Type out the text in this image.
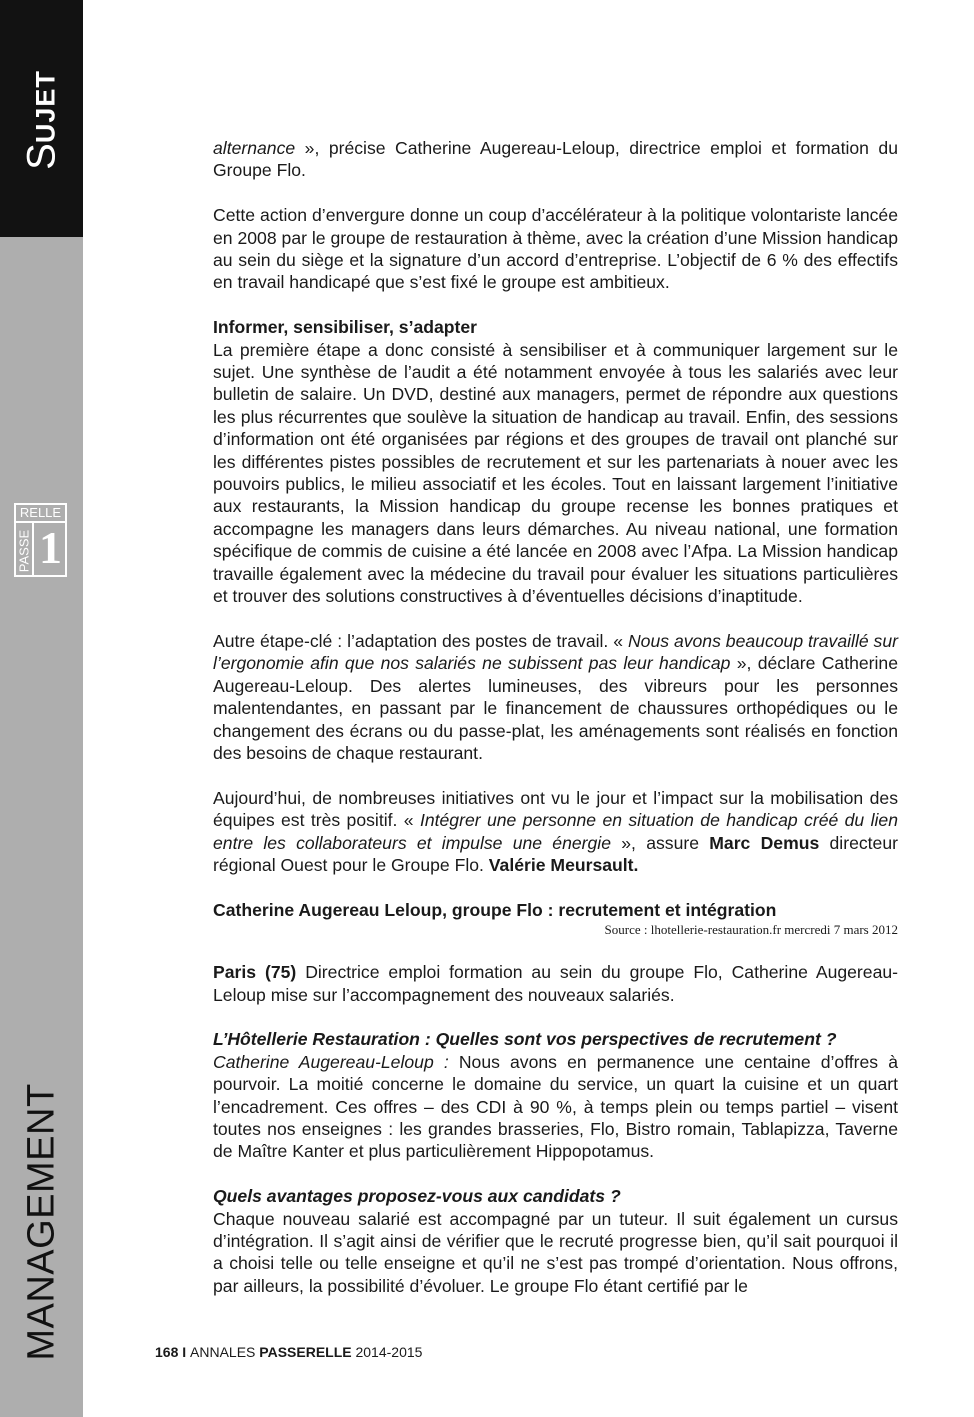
SUJET
RELLE
PASSE 1
MANAGEMENT

alternance », précise Catherine Augereau-Leloup, directrice emploi et formation du Groupe Flo.

Cette action d’envergure donne un coup d’accélérateur à la politique volontariste lancée en 2008 par le groupe de restauration à thème, avec la création d’une Mission handicap au sein du siège et la signature d’un accord d’entreprise. L’objectif de 6 % des effectifs en travail handicapé que s’est fixé le groupe est ambitieux.

Informer, sensibiliser, s’adapter

La première étape a donc consisté à sensibiliser et à communiquer largement sur le sujet. Une synthèse de l’audit a été notamment envoyée à tous les salariés avec leur bulletin de salaire. Un DVD, destiné aux managers, permet de répondre aux questions les plus récurrentes que soulève la situation de handicap au travail. Enfin, des sessions d’information ont été organisées par régions et des groupes de travail ont planché sur les différentes pistes possibles de recrutement et sur les partenariats à nouer avec les pouvoirs publics, le milieu associatif et les écoles. Tout en laissant largement l’initiative aux restaurants, la Mission handicap du groupe recense les bonnes pratiques et accompagne les managers dans leurs démarches. Au niveau national, une formation spécifique de commis de cuisine a été lancée en 2008 avec l’Afpa. La Mission handicap travaille également avec la médecine du travail pour évaluer les situations particulières et trouver des solutions constructives à d’éventuelles décisions d’inaptitude.

Autre étape-clé : l’adaptation des postes de travail. « Nous avons beaucoup travaillé sur l’ergonomie afin que nos salariés ne subissent pas leur handicap », déclare Catherine Augereau-Leloup. Des alertes lumineuses, des vibreurs pour les personnes malentendantes, en passant par le financement de chaussures orthopédiques ou le changement des écrans ou du passe-plat, les aménagements sont réalisés en fonction des besoins de chaque restaurant.

Aujourd’hui, de nombreuses initiatives ont vu le jour et l’impact sur la mobilisation des équipes est très positif. « Intégrer une personne en situation de handicap créé du lien entre les collaborateurs et impulse une énergie », assure Marc Demus directeur régional Ouest pour le Groupe Flo. Valérie Meursault.

Catherine Augereau Leloup, groupe Flo : recrutement et intégration
Source : lhotellerie-restauration.fr mercredi 7 mars 2012

Paris (75) Directrice emploi formation au sein du groupe Flo, Catherine Augereau-Leloup mise sur l’accompagnement des nouveaux salariés.

L’Hôtellerie Restauration : Quelles sont vos perspectives de recrutement ?

Catherine Augereau-Leloup : Nous avons en permanence une centaine d’offres à pourvoir. La moitié concerne le domaine du service, un quart la cuisine et un quart l’encadrement. Ces offres – des CDI à 90 %, à temps plein ou temps partiel – visent toutes nos enseignes : les grandes brasseries, Flo, Bistro romain, Tablapizza, Taverne de Maître Kanter et plus particulièrement Hippopotamus.

Quels avantages proposez-vous aux candidats ?

Chaque nouveau salarié est accompagné par un tuteur. Il suit également un cursus d’intégration. Il s’agit ainsi de vérifier que le recruté progresse bien, qu’il sait pourquoi il a choisi telle ou telle enseigne et qu’il ne s’est pas trompé d’orientation. Nous offrons, par ailleurs, la possibilité d’évoluer. Le groupe Flo étant certifié par le

168 I ANNALES PASSERELLE 2014-2015
